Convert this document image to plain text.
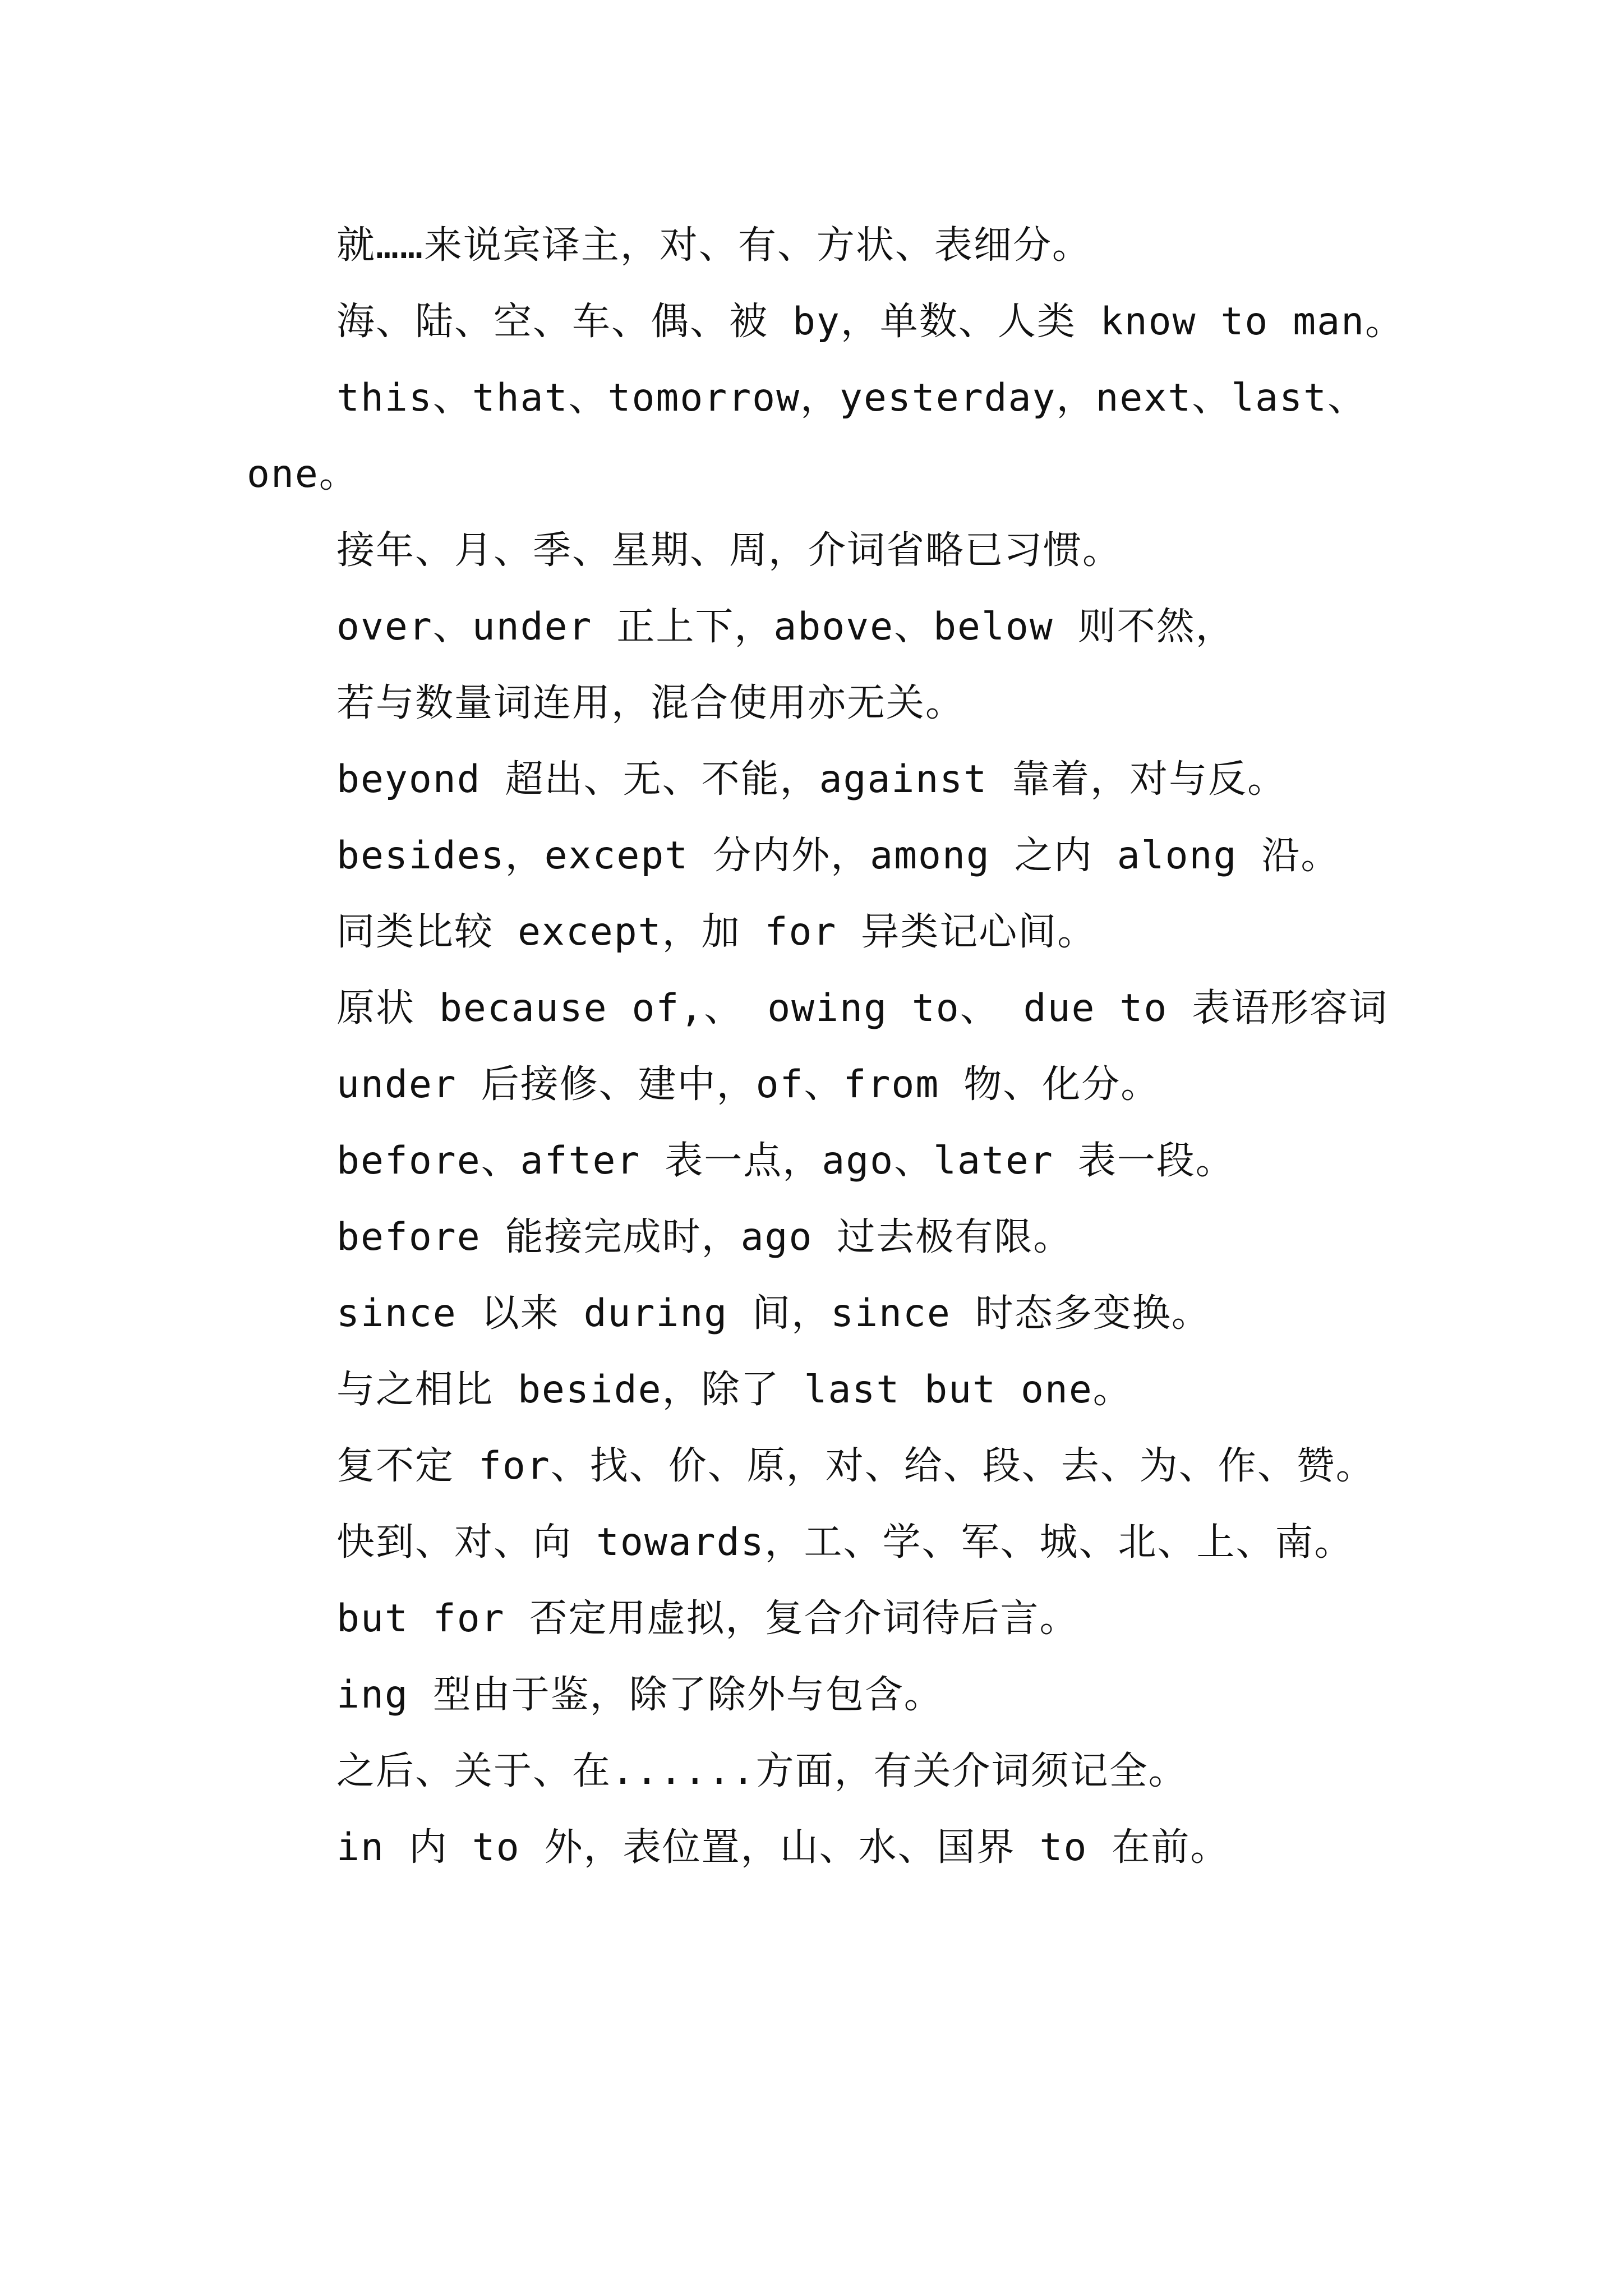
就……来说宾译主，对、有、方状、表细分。

海、陆、空、车、偶、被 by，单数、人类 know to man。

this、that、tomorrow，yesterday，next、last、one。

接年、月、季、星期、周，介词省略已习惯。

over、under 正上下，above、below 则不然，

若与数量词连用，混合使用亦无关。

beyond 超出、无、不能，against 靠着，对与反。

besides，except 分内外，among 之内 along 沿。

同类比较 except，加 for 异类记心间。

原状 because of,、 owing to、 due to 表语形容词

under 后接修、建中，of、from 物、化分。

before、after 表一点，ago、later 表一段。

before 能接完成时，ago 过去极有限。

since 以来 during 间，since 时态多变换。

与之相比 beside，除了 last but one。

复不定 for、找、价、原，对、给、段、去、为、作、赞。

快到、对、向 towards，工、学、军、城、北、上、南。

but for 否定用虚拟，复合介词待后言。

ing 型由于鉴，除了除外与包含。

之后、关于、在......方面，有关介词须记全。

in 内 to 外，表位置，山、水、国界 to 在前。
